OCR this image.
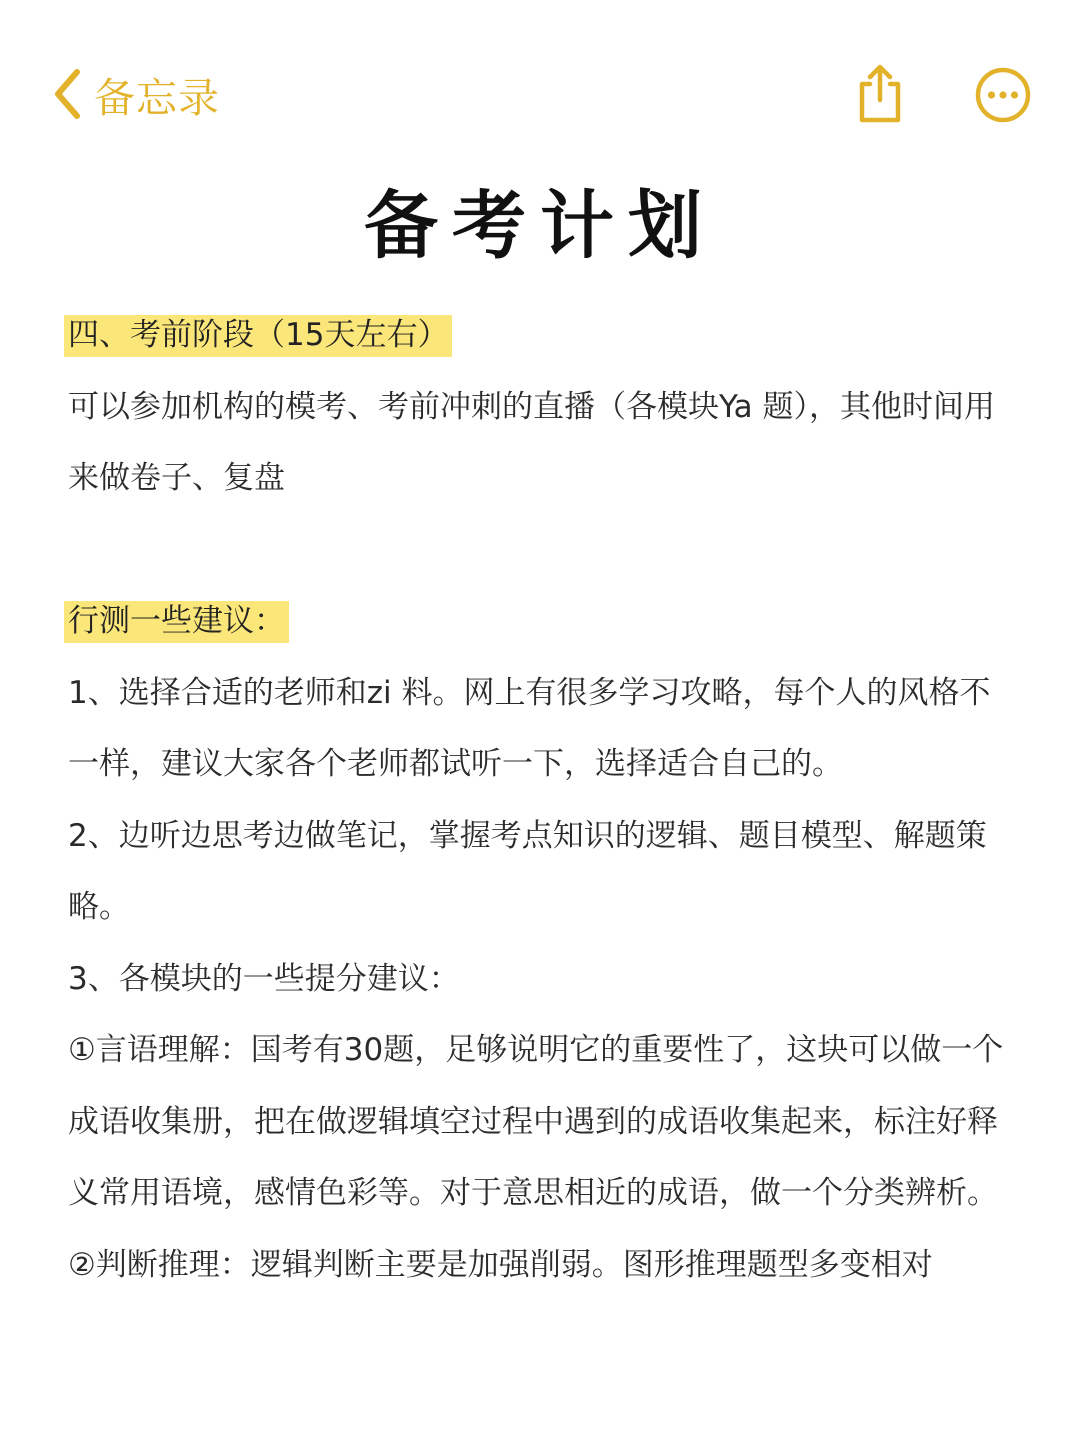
备忘录
备考计划

四、考前阶段（15天左右）

可以参加机构的模考、考前冲刺的直播（各模块Ya 题），其他时间用来做卷子、复盘

行测一些建议：

1、选择合适的老师和zi 料。网上有很多学习攻略，每个人的风格不一样，建议大家各个老师都试听一下，选择适合自己的。

2、边听边思考边做笔记，掌握考点知识的逻辑、题目模型、解题策略。

3、各模块的一些提分建议：

①言语理解：国考有30题，足够说明它的重要性了，这块可以做一个成语收集册，把在做逻辑填空过程中遇到的成语收集起来，标注好释义常用语境，感情色彩等。对于意思相近的成语，做一个分类辨析。

②判断推理：逻辑判断主要是加强削弱。图形推理题型多变相对
